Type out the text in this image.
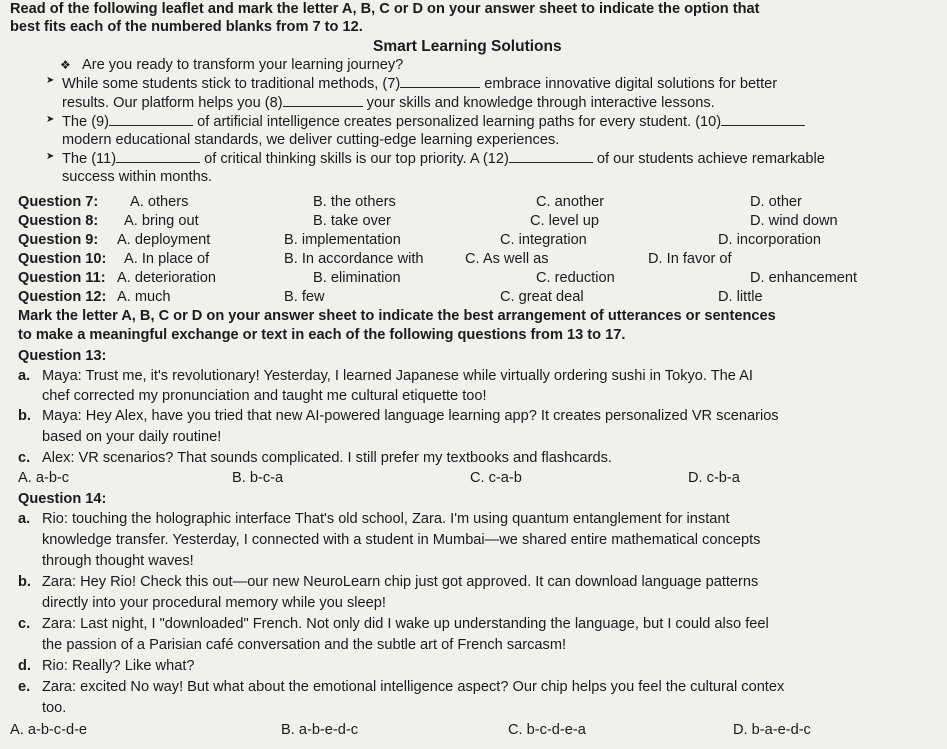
Read of the following leaflet and mark the letter A, B, C or D on your answer sheet to indicate the option that
best fits each of the numbered blanks from 7 to 12.
Smart Learning Solutions
❖ Are you ready to transform your learning journey?
➤ While some students stick to traditional methods, (7)	embrace innovative digital solutions for better
results. Our platform helps you (8)	your skills and knowledge through interactive lessons.
➤ The (9)	of artificial intelligence creates personalized learning paths for every student. (10)
modern educational standards, we deliver cutting-edge learning experiences.
➤ The (11)	of critical thinking skills is our top priority. A (12)	of our students achieve remarkable
success within months.
Question 7: A. others	B. the others	C. another	D. other
Question 8: A. bring out	B. take over	C. level up	D. wind down
Question 9: A. deployment	B. implementation	C. integration	D. incorporation
Question 10: A. In place of	B. In accordance with	C. As well as	D. In favor of
Question 11: A. deterioration	B. elimination	C. reduction	D. enhancement
Question 12: A. much	B. few	C. great deal	D. little
Mark the letter A, B, C or D on your answer sheet to indicate the best arrangement of utterances or sentences
to make a meaningful exchange or text in each of the following questions from 13 to 17.
Question 13:
a. Maya: Trust me, it's revolutionary! Yesterday, I learned Japanese while virtually ordering sushi in Tokyo. The AI
chef corrected my pronunciation and taught me cultural etiquette too!
b. Maya: Hey Alex, have you tried that new AI-powered language learning app? It creates personalized VR scenarios
based on your daily routine!
c. Alex: VR scenarios? That sounds complicated. I still prefer my textbooks and flashcards.
A. a-b-c	B. b-c-a	C. c-a-b	D. c-b-a
Question 14:
a. Rio: touching the holographic interface That's old school, Zara. I'm using quantum entanglement for instant
knowledge transfer. Yesterday, I connected with a student in Mumbai—we shared entire mathematical concepts
through thought waves!
b. Zara: Hey Rio! Check this out—our new NeuroLearn chip just got approved. It can download language patterns
directly into your procedural memory while you sleep!
c. Zara: Last night, I "downloaded" French. Not only did I wake up understanding the language, but I could also feel
the passion of a Parisian café conversation and the subtle art of French sarcasm!
d. Rio: Really? Like what?
e. Zara: excited No way! But what about the emotional intelligence aspect? Our chip helps you feel the cultural contex
too.
A. a-b-c-d-e	B. a-b-e-d-c	C. b-c-d-e-a	D. b-a-e-d-c
